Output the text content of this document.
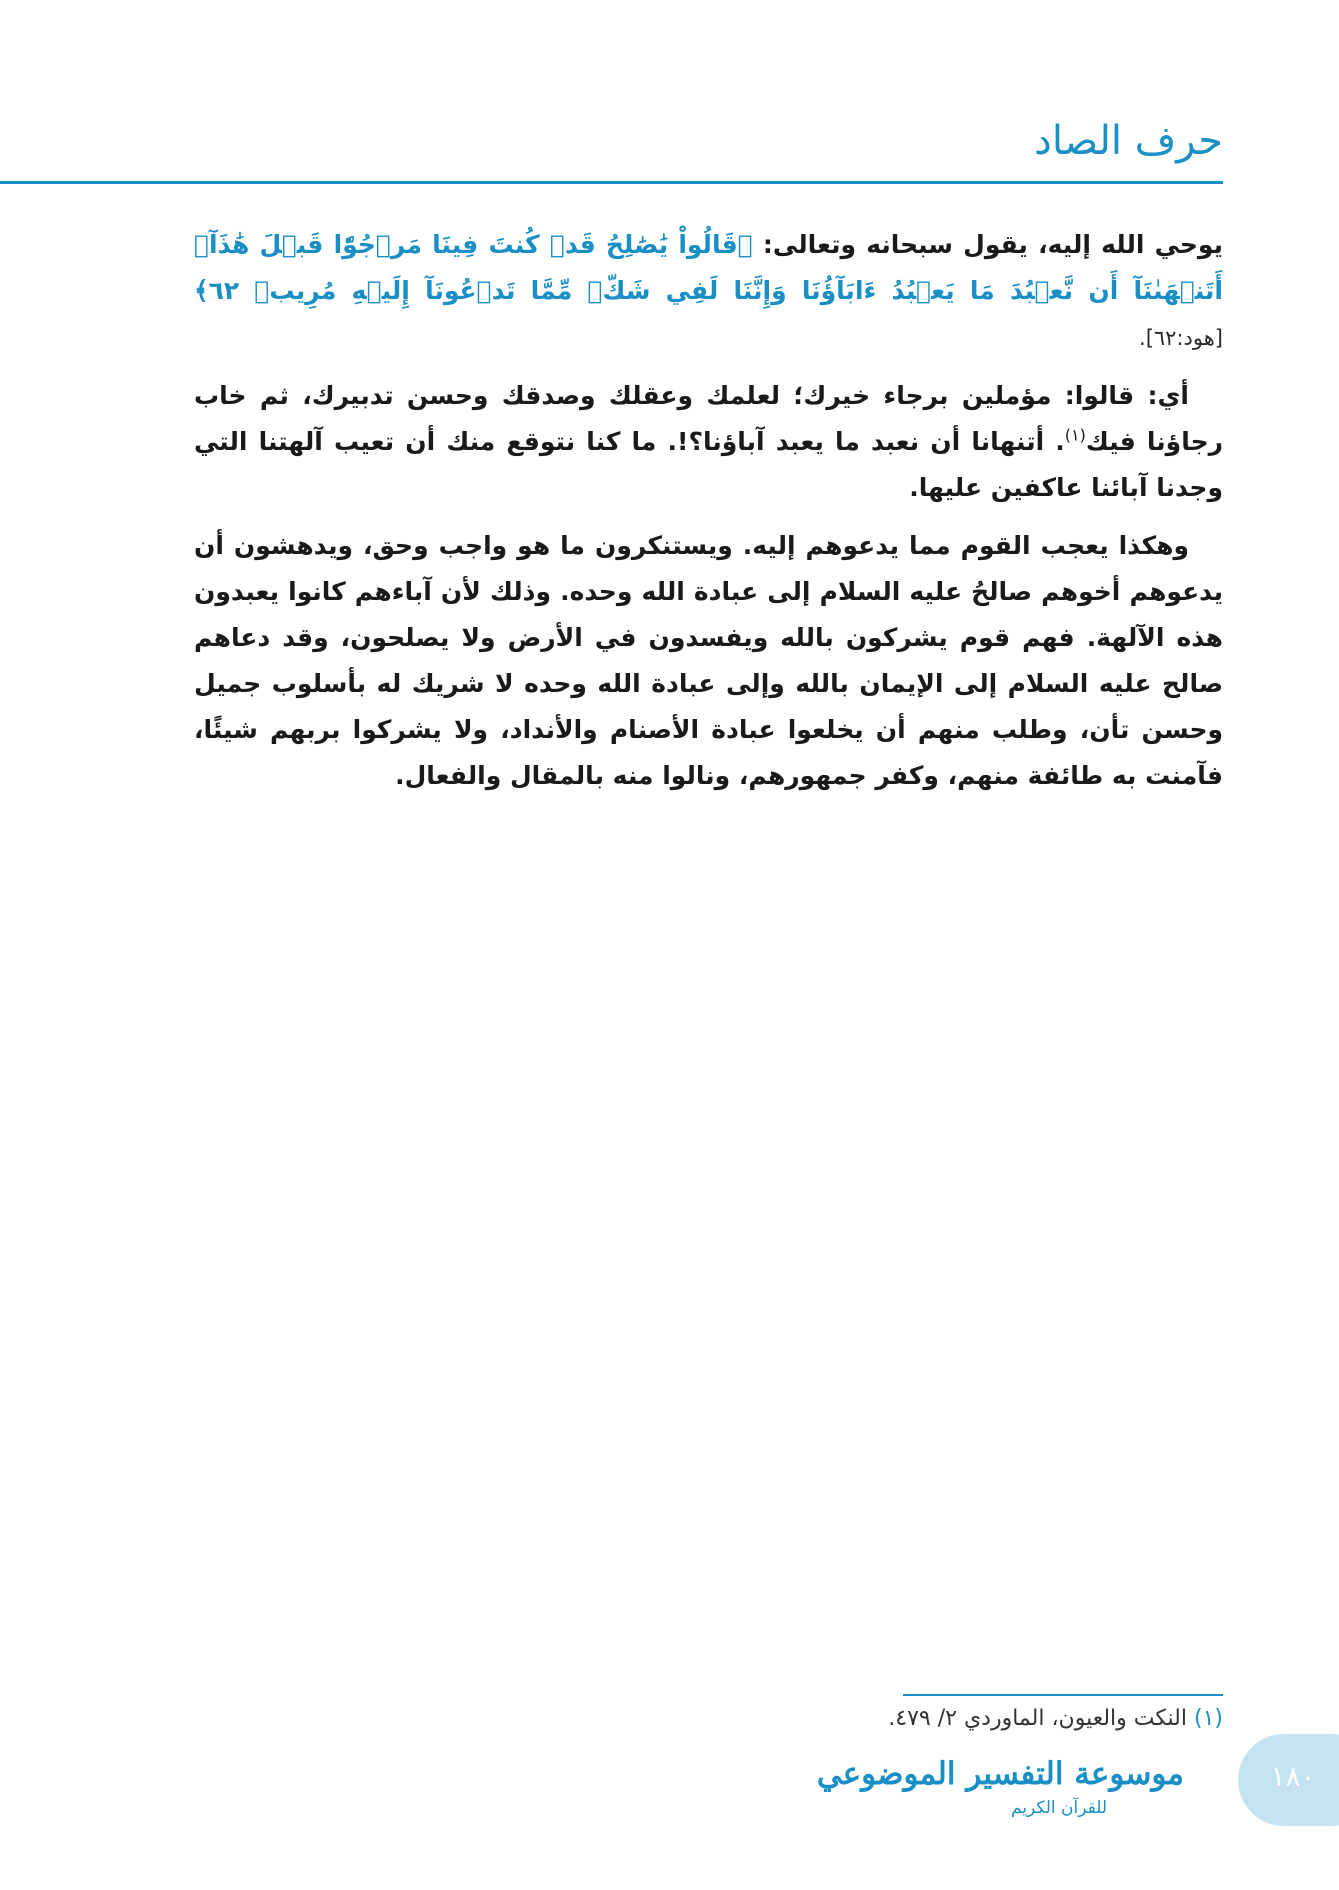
حرف الصاد

يوحي الله إليه، يقول سبحانه وتعالى: ﴿قَالُواْ يَٰصَٰلِحُ قَدۡ كُنتَ فِينَا مَرۡجُوّٗا قَبۡلَ هَٰذَآۖ أَتَنۡهَىٰنَآ أَن نَّعۡبُدَ مَا يَعۡبُدُ ءَابَآؤُنَا وَإِنَّنَا لَفِي شَكّٖ مِّمَّا تَدۡعُونَآ إِلَيۡهِ مُرِيبٖ ٦٢﴾ [هود:٦٢].

أي: قالوا: مؤملين برجاء خيرك؛ لعلمك وعقلك وصدقك وحسن تدبيرك، ثم خاب رجاؤنا فيك$^{(١)}$. أتنهانا أن نعبد ما يعبد آباؤنا؟!. ما كنا نتوقع منك أن تعيب آلهتنا التي وجدنا آبائنا عاكفين عليها.

وهكذا يعجب القوم مما يدعوهم إليه. ويستنكرون ما هو واجب وحق، ويدهشون أن يدعوهم أخوهم صالحُ عليه السلام إلى عبادة الله وحده. وذلك لأن آباءهم كانوا يعبدون هذه الآلهة. فهم قوم يشركون بالله ويفسدون في الأرض ولا يصلحون، وقد دعاهم صالح عليه السلام إلى الإيمان بالله وإلى عبادة الله وحده لا شريك له بأسلوب جميل وحسن تأن، وطلب منهم أن يخلعوا عبادة الأصنام والأنداد، ولا يشركوا بربهم شيئًا، فآمنت به طائفة منهم، وكفر جمهورهم، ونالوا منه بالمقال والفعال.

(١) النكت والعيون، الماوردي ٢/ ٤٧٩.
موسوعة التفسير الموضوعي
للقرآن الكريم
١٨٠
